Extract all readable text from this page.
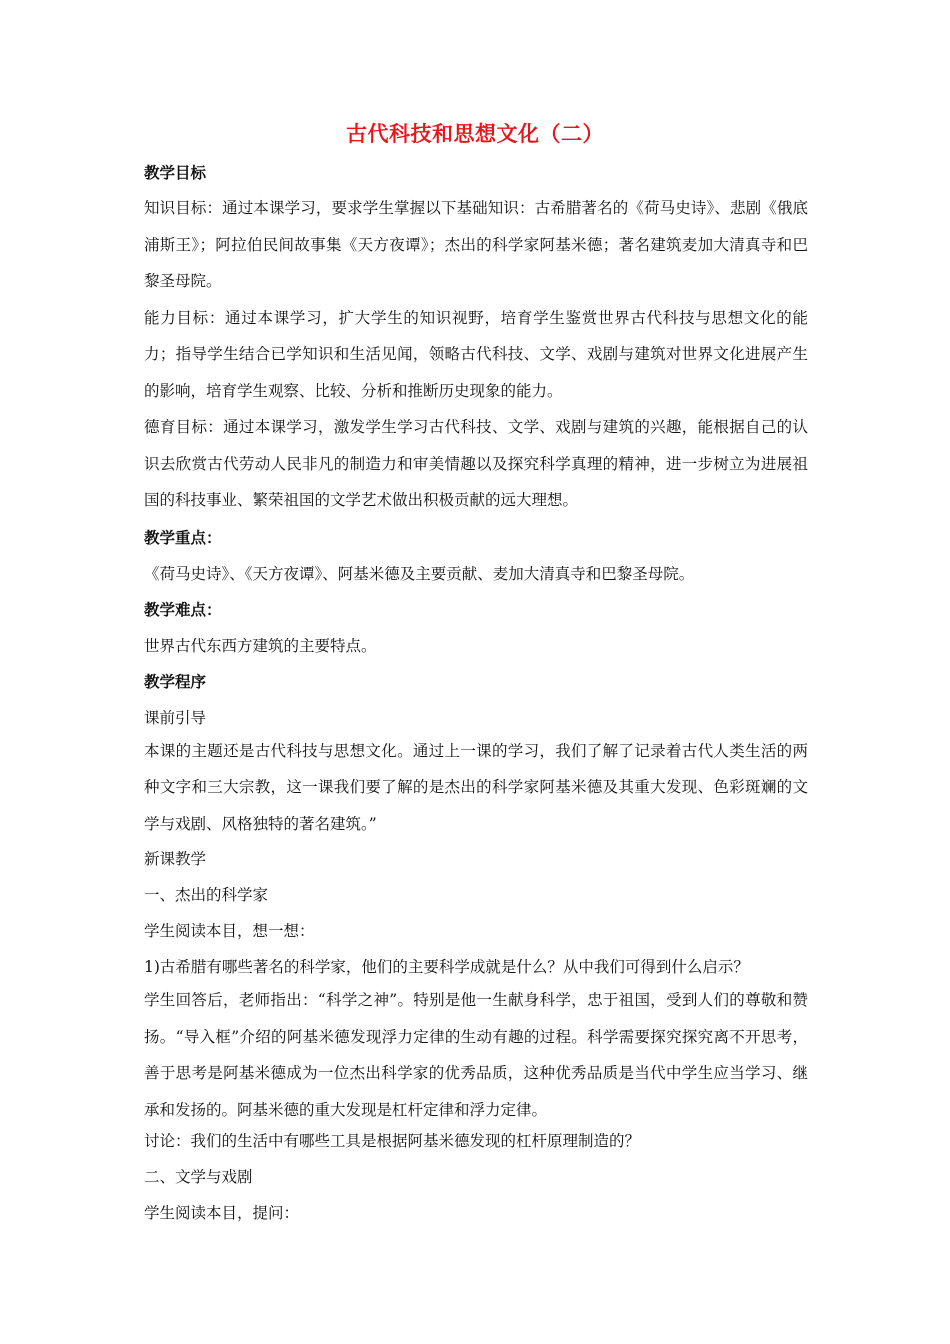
古代科技和思想文化（二）

教学目标

知识目标：通过本课学习，要求学生掌握以下基础知识：古希腊著名的《荷马史诗》、悲剧《俄底浦斯王》；阿拉伯民间故事集《天方夜谭》；杰出的科学家阿基米德；著名建筑麦加大清真寺和巴黎圣母院。

能力目标：通过本课学习，扩大学生的知识视野，培育学生鉴赏世界古代科技与思想文化的能力；指导学生结合已学知识和生活见闻，领略古代科技、文学、戏剧与建筑对世界文化进展产生的影响，培育学生观察、比较、分析和推断历史现象的能力。

德育目标：通过本课学习，激发学生学习古代科技、文学、戏剧与建筑的兴趣，能根据自己的认识去欣赏古代劳动人民非凡的制造力和审美情趣以及探究科学真理的精神，进一步树立为进展祖国的科技事业、繁荣祖国的文学艺术做出积极贡献的远大理想。

教学重点：

《荷马史诗》、《天方夜谭》、阿基米德及主要贡献、麦加大清真寺和巴黎圣母院。

教学难点：

世界古代东西方建筑的主要特点。

教学程序

课前引导

本课的主题还是古代科技与思想文化。通过上一课的学习，我们了解了记录着古代人类生活的两种文字和三大宗教，这一课我们要了解的是杰出的科学家阿基米德及其重大发现、色彩斑斓的文学与戏剧、风格独特的著名建筑。”

新课教学

一、杰出的科学家

学生阅读本目，想一想：

1)古希腊有哪些著名的科学家，他们的主要科学成就是什么？从中我们可得到什么启示？

学生回答后，老师指出：“科学之神”。特别是他一生献身科学，忠于祖国，受到人们的尊敬和赞扬。“导入框”介绍的阿基米德发现浮力定律的生动有趣的过程。科学需要探究探究离不开思考，善于思考是阿基米德成为一位杰出科学家的优秀品质，这种优秀品质是当代中学生应当学习、继承和发扬的。阿基米德的重大发现是杠杆定律和浮力定律。

讨论：我们的生活中有哪些工具是根据阿基米德发现的杠杆原理制造的？

二、文学与戏剧

学生阅读本目，提问：
